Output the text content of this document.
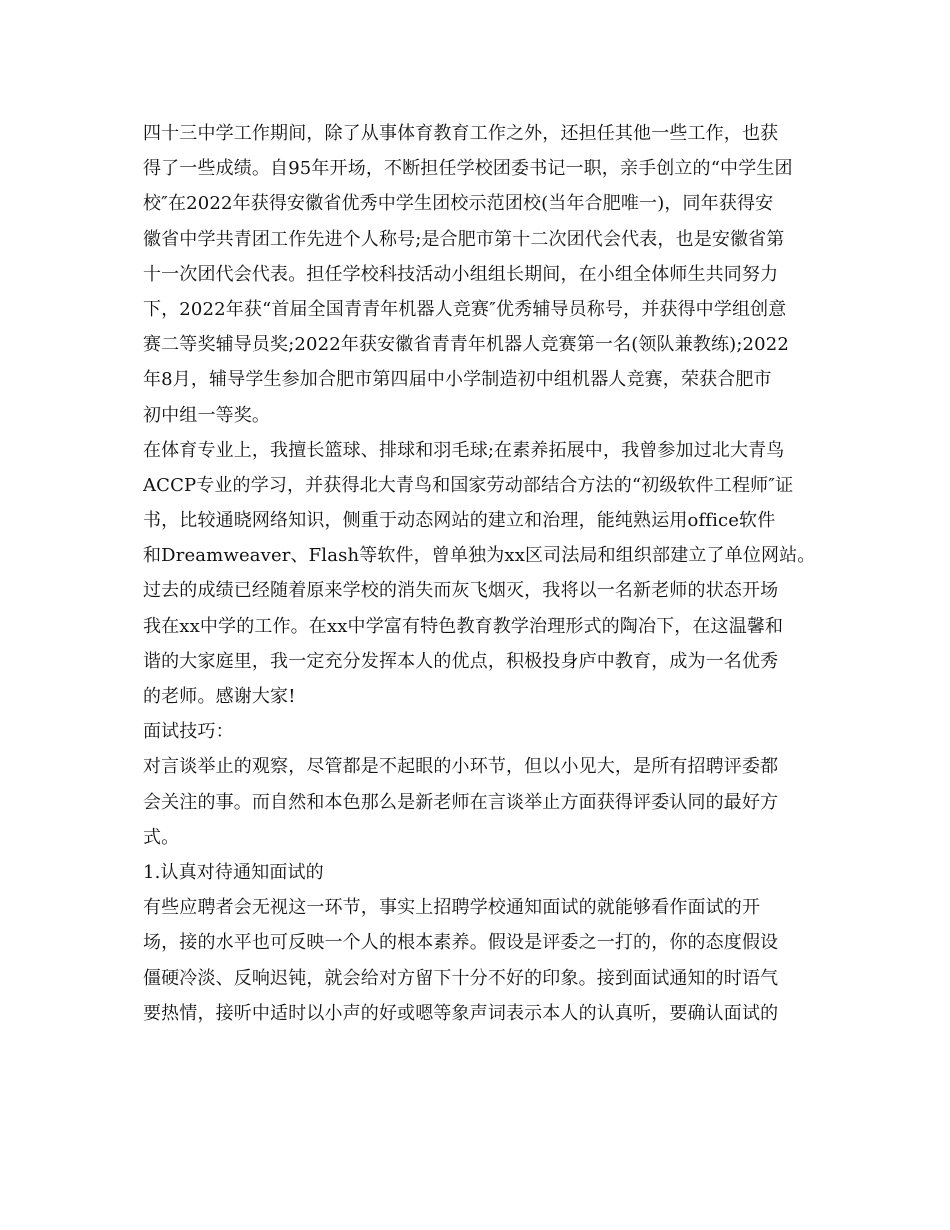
四十三中学工作期间，除了从事体育教育工作之外，还担任其他一些工作，也获
得了一些成绩。自95年开场，不断担任学校团委书记一职，亲手创立的“中学生团
校″在2022年获得安徽省优秀中学生团校示范团校(当年合肥唯一)，同年获得安
徽省中学共青团工作先进个人称号;是合肥市第十二次团代会代表，也是安徽省第
十一次团代会代表。担任学校科技活动小组组长期间，在小组全体师生共同努力
下，2022年获“首届全国青青年机器人竞赛″优秀辅导员称号，并获得中学组创意
赛二等奖辅导员奖;2022年获安徽省青青年机器人竞赛第一名(领队兼教练);2022
年8月，辅导学生参加合肥市第四届中小学制造初中组机器人竞赛，荣获合肥市
初中组一等奖。
在体育专业上，我擅长篮球、排球和羽毛球;在素养拓展中，我曾参加过北大青鸟
ACCP专业的学习，并获得北大青鸟和国家劳动部结合方法的“初级软件工程师″证
书，比较通晓网络知识，侧重于动态网站的建立和治理，能纯熟运用office软件
和Dreamweaver、Flash等软件，曾单独为xx区司法局和组织部建立了单位网站。
过去的成绩已经随着原来学校的消失而灰飞烟灭，我将以一名新老师的状态开场
我在xx中学的工作。在xx中学富有特色教育教学治理形式的陶冶下，在这温馨和
谐的大家庭里，我一定充分发挥本人的优点，积极投身庐中教育，成为一名优秀
的老师。感谢大家!
面试技巧：
对言谈举止的观察，尽管都是不起眼的小环节，但以小见大，是所有招聘评委都
会关注的事。而自然和本色那么是新老师在言谈举止方面获得评委认同的最好方
式。
1.认真对待通知面试的
有些应聘者会无视这一环节，事实上招聘学校通知面试的就能够看作面试的开
场，接的水平也可反映一个人的根本素养。假设是评委之一打的，你的态度假设
僵硬冷淡、反响迟钝，就会给对方留下十分不好的印象。接到面试通知的时语气
要热情，接听中适时以小声的好或嗯等象声词表示本人的认真听，要确认面试的
